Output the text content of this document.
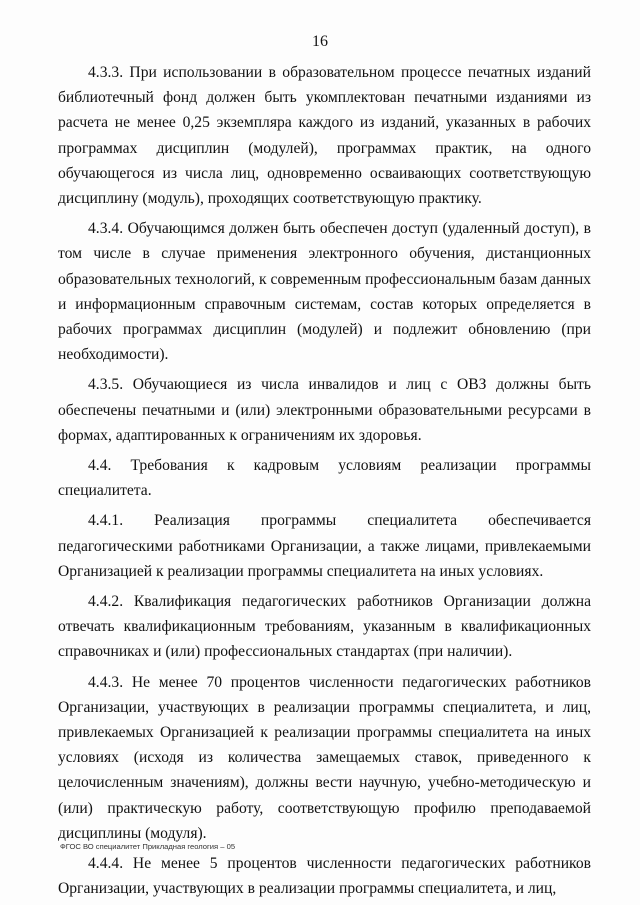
16

4.3.3. При использовании в образовательном процессе печатных изданий библиотечный фонд должен быть укомплектован печатными изданиями из расчета не менее 0,25 экземпляра каждого из изданий, указанных в рабочих программах дисциплин (модулей), программах практик, на одного обучающегося из числа лиц, одновременно осваивающих соответствующую дисциплину (модуль), проходящих соответствующую практику.

4.3.4. Обучающимся должен быть обеспечен доступ (удаленный доступ), в том числе в случае применения электронного обучения, дистанционных образовательных технологий, к современным профессиональным базам данных и информационным справочным системам, состав которых определяется в рабочих программах дисциплин (модулей) и подлежит обновлению (при необходимости).

4.3.5. Обучающиеся из числа инвалидов и лиц с ОВЗ должны быть обеспечены печатными и (или) электронными образовательными ресурсами в формах, адаптированных к ограничениям их здоровья.

4.4. Требования к кадровым условиям реализации программы специалитета.

4.4.1. Реализация программы специалитета обеспечивается педагогическими работниками Организации, а также лицами, привлекаемыми Организацией к реализации программы специалитета на иных условиях.

4.4.2. Квалификация педагогических работников Организации должна отвечать квалификационным требованиям, указанным в квалификационных справочниках и (или) профессиональных стандартах (при наличии).

4.4.3. Не менее 70 процентов численности педагогических работников Организации, участвующих в реализации программы специалитета, и лиц, привлекаемых Организацией к реализации программы специалитета на иных условиях (исходя из количества замещаемых ставок, приведенного к целочисленным значениям), должны вести научную, учебно-методическую и (или) практическую работу, соответствующую профилю преподаваемой дисциплины (модуля).

4.4.4. Не менее 5 процентов численности педагогических работников Организации, участвующих в реализации программы специалитета, и лиц,

ФГОС ВО специалитет Прикладная геология – 05
